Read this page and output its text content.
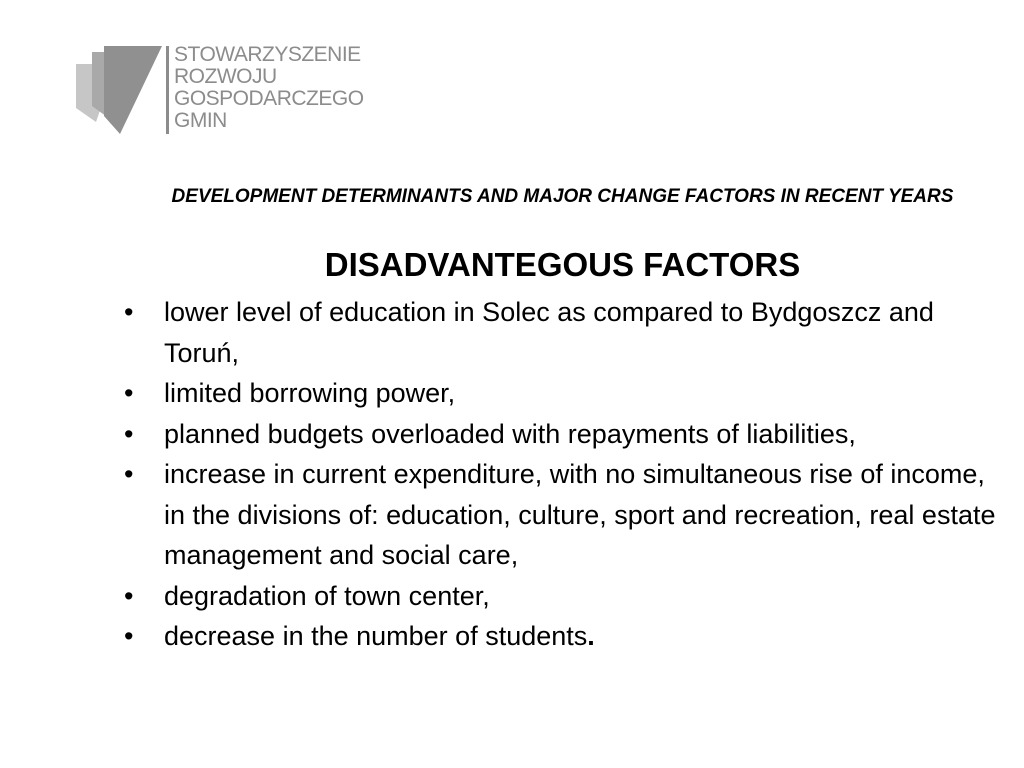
STOWARZYSZENIE
ROZWOJU
GOSPODARCZEGO
GMIN

DEVELOPMENT DETERMINANTS AND MAJOR CHANGE FACTORS IN RECENT YEARS

DISADVANTEGOUS FACTORS
• lower level of education in Solec as compared to Bydgoszcz and Toruń,
• limited borrowing power,
• planned budgets overloaded with repayments of liabilities,
• increase in current expenditure, with no simultaneous rise of income, in the divisions of: education, culture, sport and recreation, real estate management and social care,
• degradation of town center,
• decrease in the number of students.
